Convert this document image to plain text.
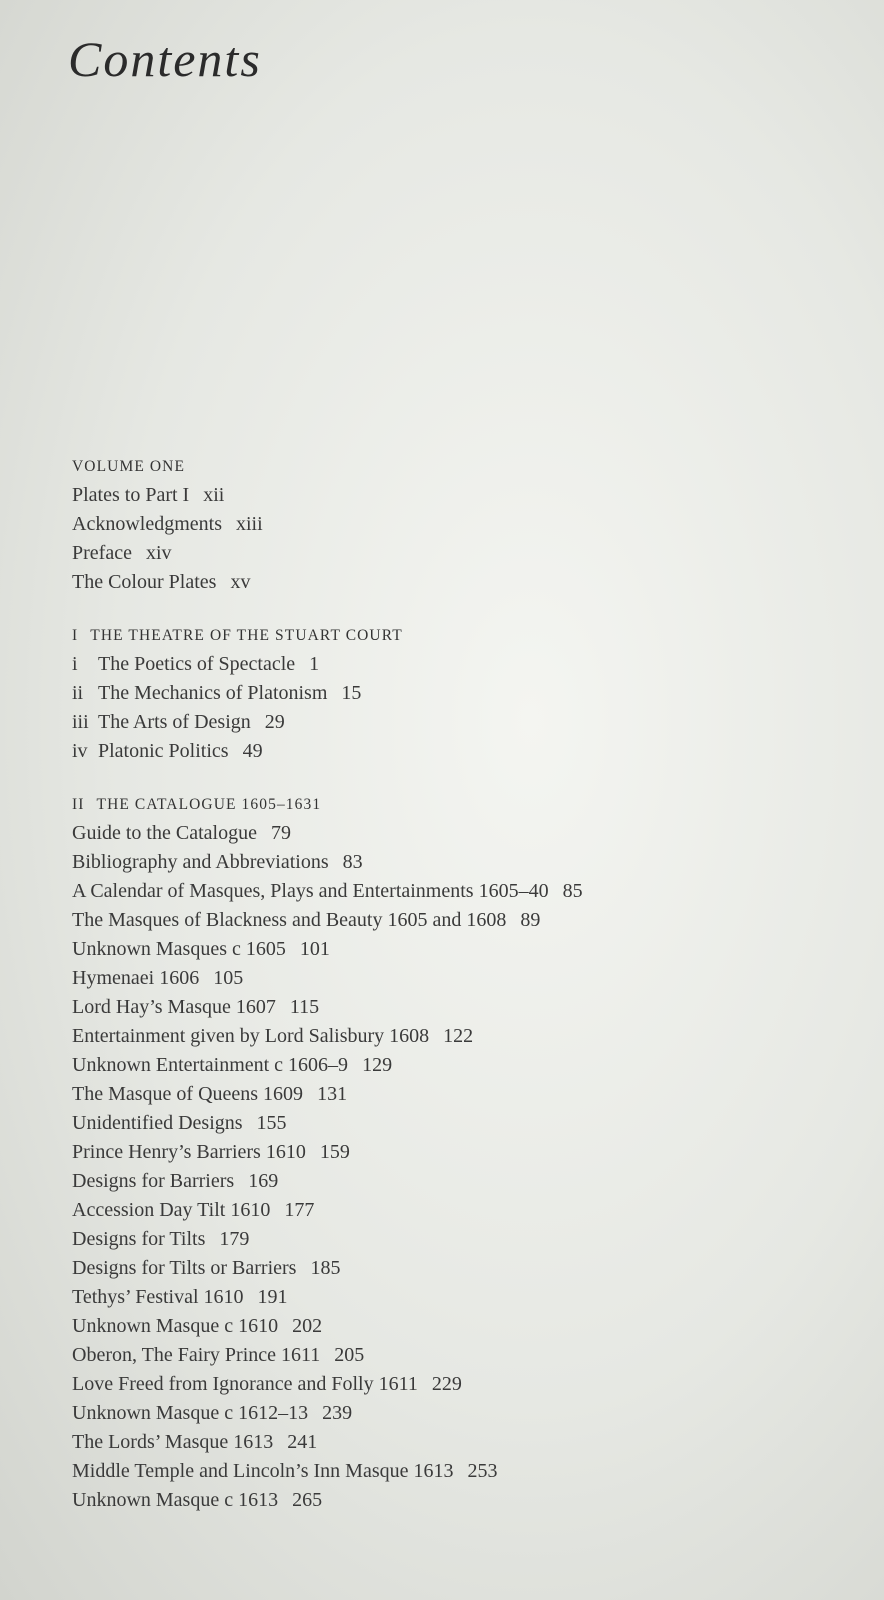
Contents
VOLUME ONE
Plates to Part I xii
Acknowledgments xiii
Preface xiv
The Colour Plates xv
I THE THEATRE OF THE STUART COURT
i The Poetics of Spectacle 1
ii The Mechanics of Platonism 15
iii The Arts of Design 29
iv Platonic Politics 49
II THE CATALOGUE 1605–1631
Guide to the Catalogue 79
Bibliography and Abbreviations 83
A Calendar of Masques, Plays and Entertainments 1605–40 85
The Masques of Blackness and Beauty 1605 and 1608 89
Unknown Masques c 1605 101
Hymenaei 1606 105
Lord Hay’s Masque 1607 115
Entertainment given by Lord Salisbury 1608 122
Unknown Entertainment c 1606–9 129
The Masque of Queens 1609 131
Unidentified Designs 155
Prince Henry’s Barriers 1610 159
Designs for Barriers 169
Accession Day Tilt 1610 177
Designs for Tilts 179
Designs for Tilts or Barriers 185
Tethys’ Festival 1610 191
Unknown Masque c 1610 202
Oberon, The Fairy Prince 1611 205
Love Freed from Ignorance and Folly 1611 229
Unknown Masque c 1612–13 239
The Lords’ Masque 1613 241
Middle Temple and Lincoln’s Inn Masque 1613 253
Unknown Masque c 1613 265
